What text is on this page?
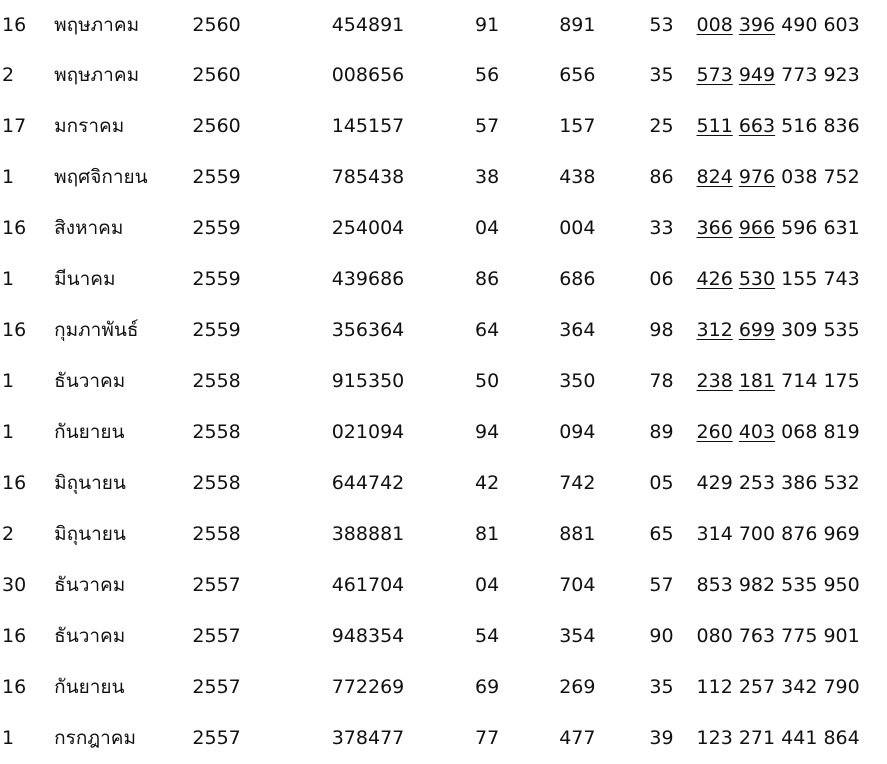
16	พฤษภาคม	2560	454891	91	891	53	008 396 490 603
2	พฤษภาคม	2560	008656	56	656	35	573 949 773 923
17	มกราคม	2560	145157	57	157	25	511 663 516 836
1	พฤศจิกายน	2559	785438	38	438	86	824 976 038 752
16	สิงหาคม	2559	254004	04	004	33	366 966 596 631
1	มีนาคม	2559	439686	86	686	06	426 530 155 743
16	กุมภาพันธ์	2559	356364	64	364	98	312 699 309 535
1	ธันวาคม	2558	915350	50	350	78	238 181 714 175
1	กันยายน	2558	021094	94	094	89	260 403 068 819
16	มิถุนายน	2558	644742	42	742	05	429 253 386 532
2	มิถุนายน	2558	388881	81	881	65	314 700 876 969
30	ธันวาคม	2557	461704	04	704	57	853 982 535 950
16	ธันวาคม	2557	948354	54	354	90	080 763 775 901
16	กันยายน	2557	772269	69	269	35	112 257 342 790
1	กรกฎาคม	2557	378477	77	477	39	123 271 441 864
